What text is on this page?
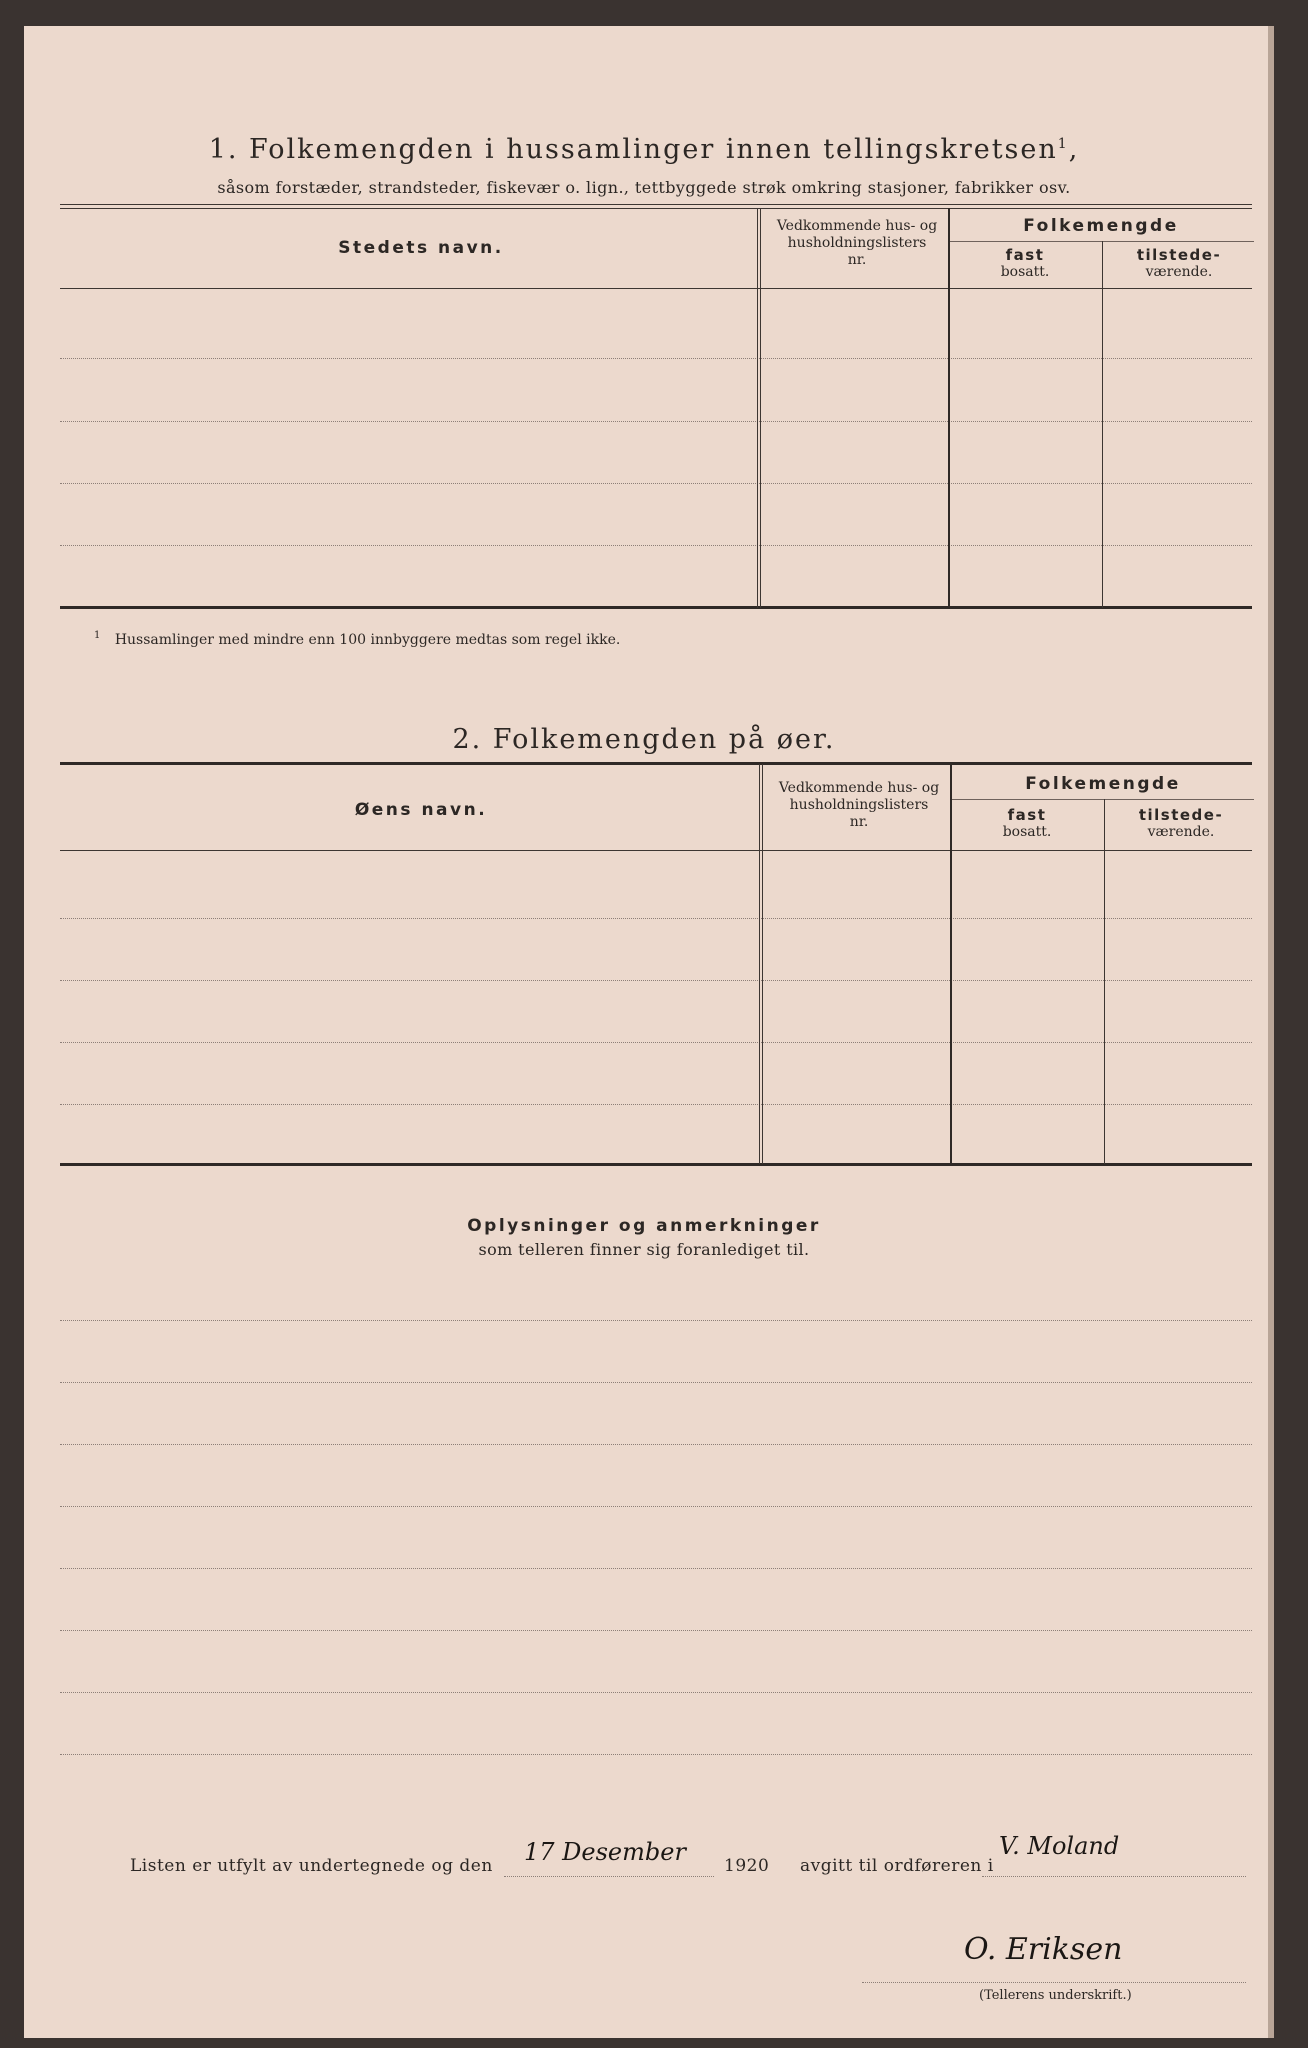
1. Folkemengden i hussamlinger innen tellingskretsen$^1$,
såsom forstæder, strandsteder, fiskevær o. lign., tettbyggede strøk omkring stasjoner, fabrikker osv.
Stedets navn.
Vedkommende hus- og
husholdningslisters
nr.
Folkemengde
fast
bosatt.
tilstede-
værende.
$^1$ Hussamlinger med mindre enn 100 innbyggere medtas som regel ikke.
2. Folkemengden på øer.
Øens navn.
Vedkommende hus- og
husholdningslisters
nr.
Folkemengde
fast
bosatt.
tilstede-
værende.
Oplysninger og anmerkninger
som telleren finner sig foranlediget til.
Listen er utfylt av undertegnede og den 17 Desember 1920 avgitt til ordføreren i
V. Moland
O. Eriksen
(Tellerens underskrift.)
